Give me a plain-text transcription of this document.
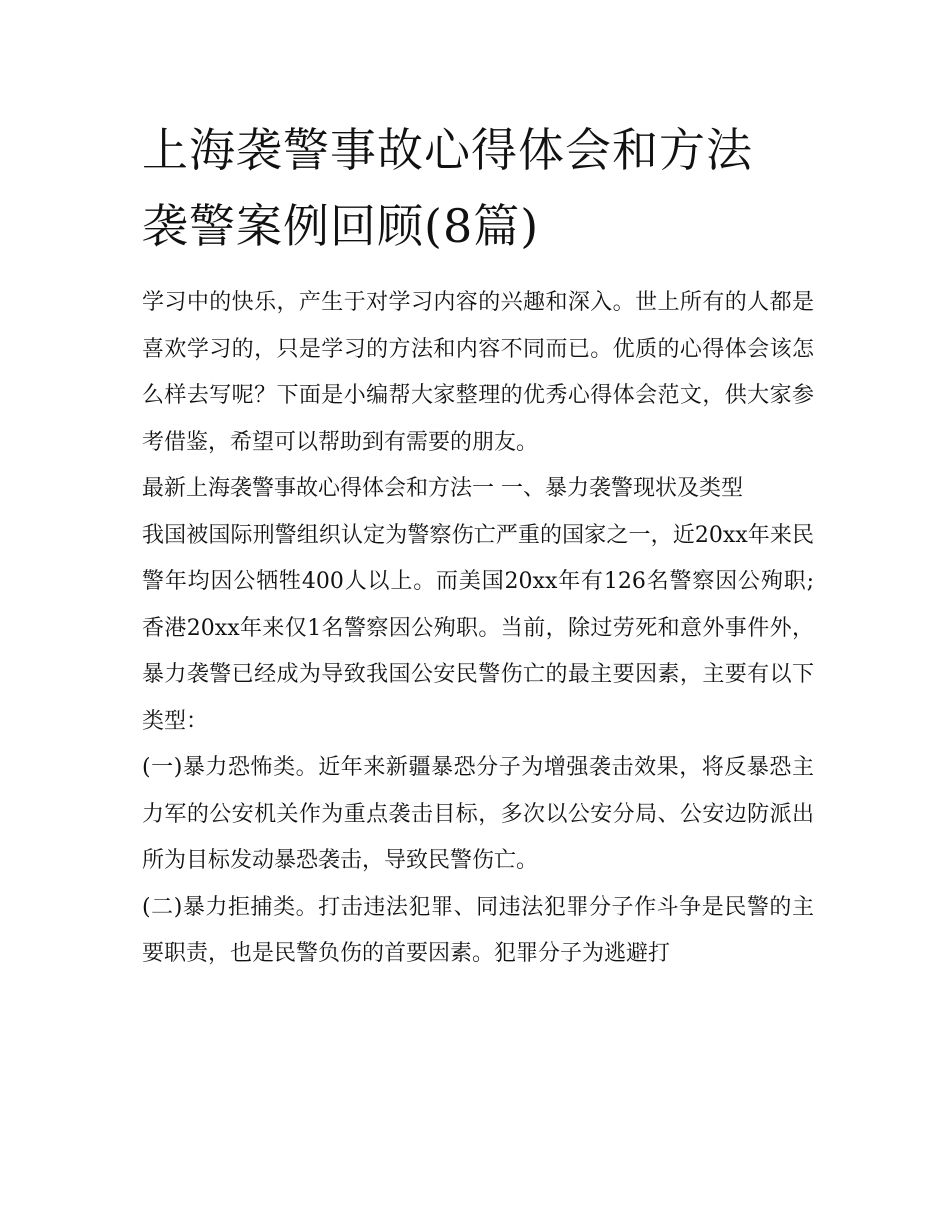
上海袭警事故心得体会和方法
袭警案例回顾(8篇)

学习中的快乐，产生于对学习内容的兴趣和深入。世上所有的人都是喜欢学习的，只是学习的方法和内容不同而已。优质的心得体会该怎么样去写呢？下面是小编帮大家整理的优秀心得体会范文，供大家参考借鉴，希望可以帮助到有需要的朋友。

最新上海袭警事故心得体会和方法一 一、暴力袭警现状及类型

我国被国际刑警组织认定为警察伤亡严重的国家之一，近20xx年来民警年均因公牺牲400人以上。而美国20xx年有126名警察因公殉职;香港20xx年来仅1名警察因公殉职。当前，除过劳死和意外事件外，暴力袭警已经成为导致我国公安民警伤亡的最主要因素，主要有以下类型：

(一)暴力恐怖类。近年来新疆暴恐分子为增强袭击效果，将反暴恐主力军的公安机关作为重点袭击目标，多次以公安分局、公安边防派出所为目标发动暴恐袭击，导致民警伤亡。

(二)暴力拒捕类。打击违法犯罪、同违法犯罪分子作斗争是民警的主要职责，也是民警负伤的首要因素。犯罪分子为逃避打
